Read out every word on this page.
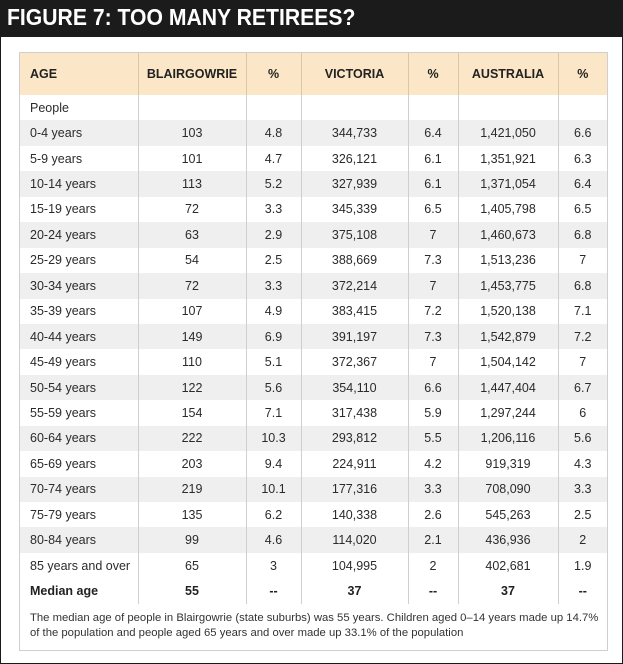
FIGURE 7: TOO MANY RETIREES?
AGE	BLAIRGOWRIE	%	VICTORIA	%	AUSTRALIA	%
People						
0-4 years	103	4.8	344,733	6.4	1,421,050	6.6
5-9 years	101	4.7	326,121	6.1	1,351,921	6.3
10-14 years	113	5.2	327,939	6.1	1,371,054	6.4
15-19 years	72	3.3	345,339	6.5	1,405,798	6.5
20-24 years	63	2.9	375,108	7	1,460,673	6.8
25-29 years	54	2.5	388,669	7.3	1,513,236	7
30-34 years	72	3.3	372,214	7	1,453,775	6.8
35-39 years	107	4.9	383,415	7.2	1,520,138	7.1
40-44 years	149	6.9	391,197	7.3	1,542,879	7.2
45-49 years	110	5.1	372,367	7	1,504,142	7
50-54 years	122	5.6	354,110	6.6	1,447,404	6.7
55-59 years	154	7.1	317,438	5.9	1,297,244	6
60-64 years	222	10.3	293,812	5.5	1,206,116	5.6
65-69 years	203	9.4	224,911	4.2	919,319	4.3
70-74 years	219	10.1	177,316	3.3	708,090	3.3
75-79 years	135	6.2	140,338	2.6	545,263	2.5
80-84 years	99	4.6	114,020	2.1	436,936	2
85 years and over	65	3	104,995	2	402,681	1.9
Median age	55	--	37	--	37	--
The median age of people in Blairgowrie (state suburbs) was 55 years. Children aged 0–14 years made up 14.7% of the population and people aged 65 years and over made up 33.1% of the population
